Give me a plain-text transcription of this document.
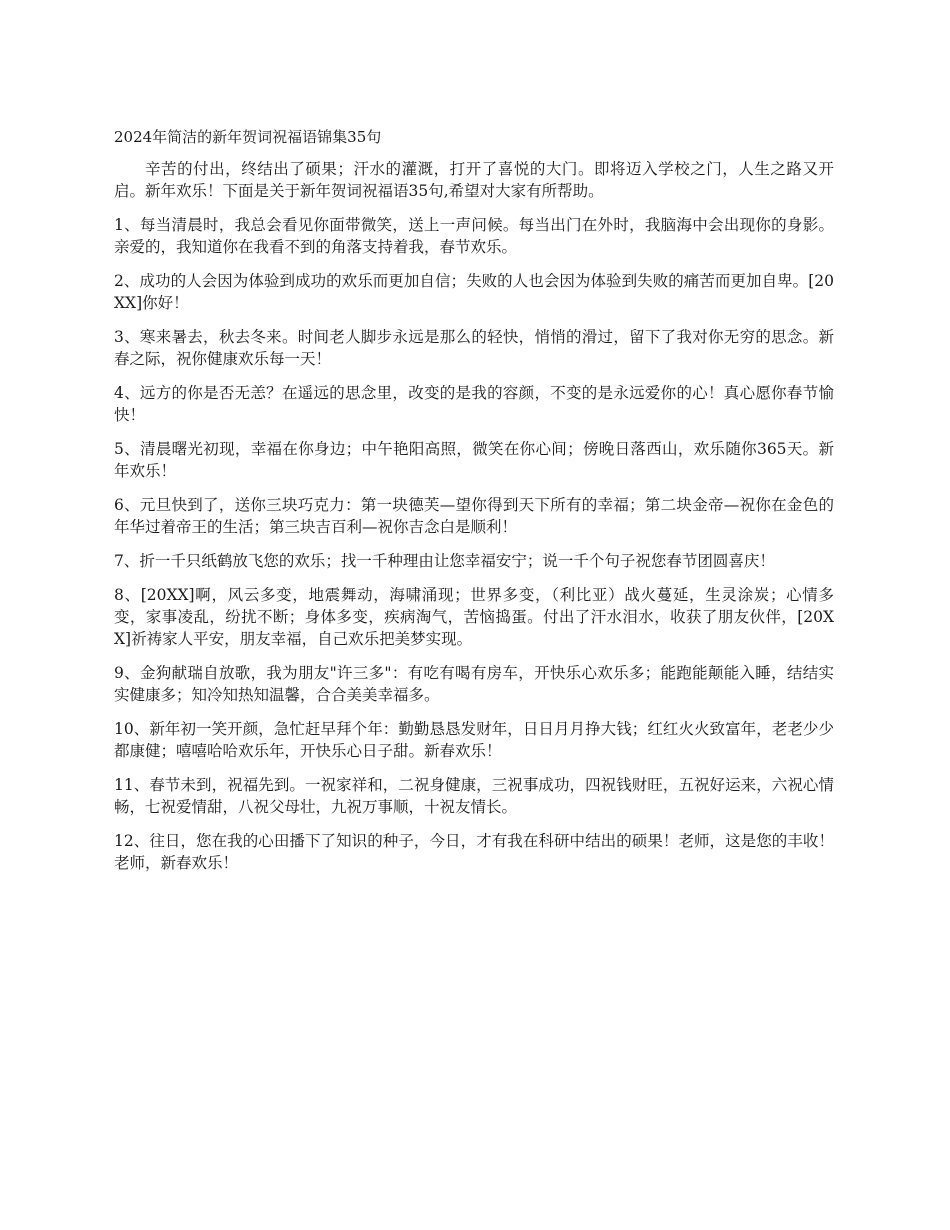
2024年简洁的新年贺词祝福语锦集35句

辛苦的付出，终结出了硕果；汗水的灌溉，打开了喜悦的大门。即将迈入学校之门，人生之路又开启。新年欢乐！下面是关于新年贺词祝福语35句,希望对大家有所帮助。

1、每当清晨时，我总会看见你面带微笑，送上一声问候。每当出门在外时，我脑海中会出现你的身影。亲爱的，我知道你在我看不到的角落支持着我，春节欢乐。

2、成功的人会因为体验到成功的欢乐而更加自信；失败的人也会因为体验到失败的痛苦而更加自卑。[20XX]你好！

3、寒来暑去，秋去冬来。时间老人脚步永远是那么的轻快，悄悄的滑过，留下了我对你无穷的思念。新春之际，祝你健康欢乐每一天！

4、远方的你是否无恙？在遥远的思念里，改变的是我的容颜，不变的是永远爱你的心！真心愿你春节愉快！

5、清晨曙光初现，幸福在你身边；中午艳阳高照，微笑在你心间；傍晚日落西山，欢乐随你365天。新年欢乐！

6、元旦快到了，送你三块巧克力：第一块德芙—望你得到天下所有的幸福；第二块金帝—祝你在金色的年华过着帝王的生活；第三块吉百利—祝你吉念白是顺利！

7、折一千只纸鹤放飞您的欢乐；找一千种理由让您幸福安宁；说一千个句子祝您春节团圆喜庆！

8、[20XX]啊，风云多变，地震舞动，海啸涌现；世界多变，（利比亚）战火蔓延，生灵涂炭；心情多变，家事凌乱，纷扰不断；身体多变，疾病淘气，苦恼捣蛋。付出了汗水泪水，收获了朋友伙伴，[20XX]祈祷家人平安，朋友幸福，自己欢乐把美梦实现。

9、金狗献瑞自放歌，我为朋友"许三多"：有吃有喝有房车，开快乐心欢乐多；能跑能颠能入睡，结结实实健康多；知冷知热知温馨，合合美美幸福多。

10、新年初一笑开颜，急忙赶早拜个年：勤勤恳恳发财年，日日月月挣大钱；红红火火致富年，老老少少都康健；嘻嘻哈哈欢乐年，开快乐心日子甜。新春欢乐！

11、春节未到，祝福先到。一祝家祥和，二祝身健康，三祝事成功，四祝钱财旺，五祝好运来，六祝心情畅，七祝爱情甜，八祝父母壮，九祝万事顺，十祝友情长。

12、往日，您在我的心田播下了知识的种子，今日，才有我在科研中结出的硕果！老师，这是您的丰收！老师，新春欢乐！
